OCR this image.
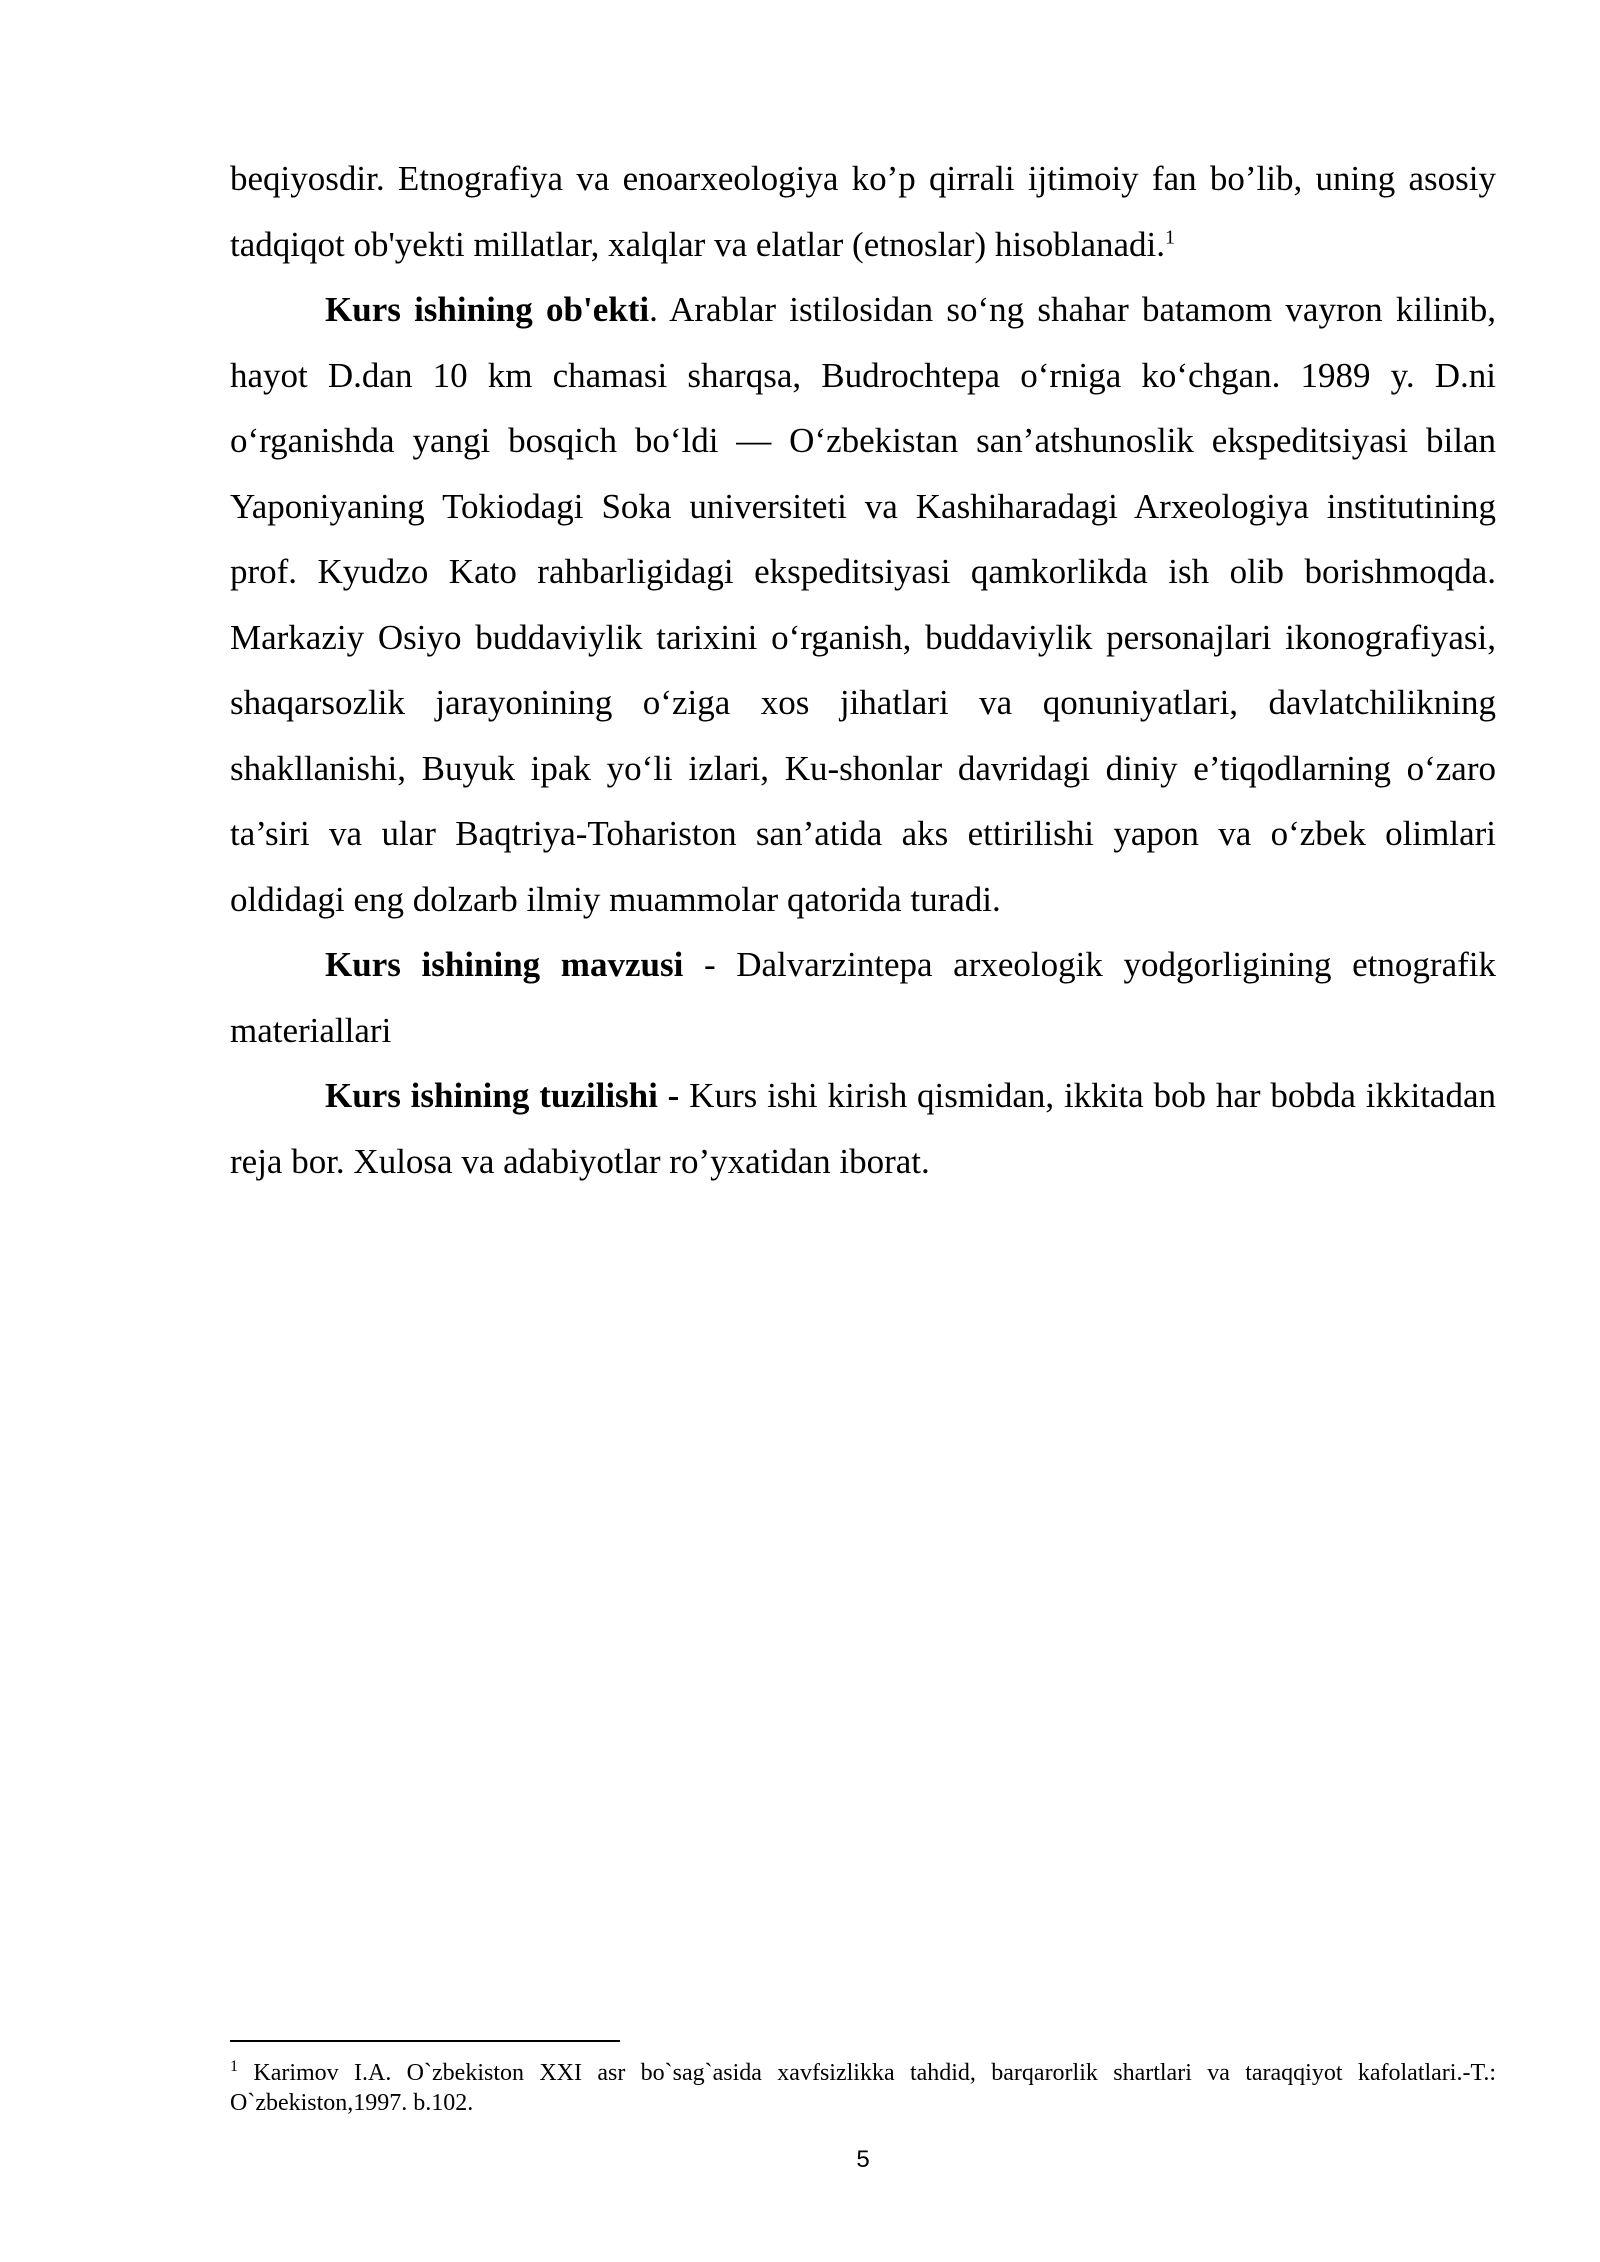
beqiyosdir. Etnografiya va enoarxeologiya ko’p qirrali ijtimoiy fan bo’lib, uning asosiy tadqiqot ob'yekti millatlar, xalqlar va elatlar (etnoslar) hisoblanadi.$^1$

Kurs ishining ob'ekti. Arablar istilosidan so‘ng shahar batamom vayron kilinib, hayot D.dan 10 km chamasi sharqsa, Budrochtepa o‘rniga ko‘chgan. 1989 y. D.ni o‘rganishda yangi bosqich bo‘ldi — O‘zbekistan san’atshunoslik ekspeditsiyasi bilan Yaponiyaning Tokiodagi Soka universiteti va Kashiharadagi Arxeologiya institutining prof. Kyudzo Kato rahbarligidagi ekspeditsiyasi qamkorlikda ish olib borishmoqda. Markaziy Osiyo buddaviylik tarixini o‘rganish, buddaviylik personajlari ikonografiyasi, shaqarsozlik jarayonining o‘ziga xos jihatlari va qonuniyatlari, davlatchilikning shakllanishi, Buyuk ipak yo‘li izlari, Ku-shonlar davridagi diniy e’tiqodlarning o‘zaro ta’siri va ular Baqtriya-Toharistоn san’atida aks ettirilishi yapon va o‘zbek olimlari oldidagi eng dolzarb ilmiy muammolar qatorida turadi.

Kurs ishining mavzusi - Dalvarzintepa arxeologik yodgorligining etnografik materiallari

Kurs ishining tuzilishi - Kurs ishi kirish qismidan, ikkita bob har bobda ikkitadan reja bor. Xulosa va adabiyotlar ro’yxatidan iborat.

$^1$ Karimov I.A. O`zbekiston XXI asr bo`sag`asida xavfsizlikka tahdid, barqarorlik shartlari va taraqqiyot kafolatlari.-T.: O`zbekiston,1997. b.102.
5
